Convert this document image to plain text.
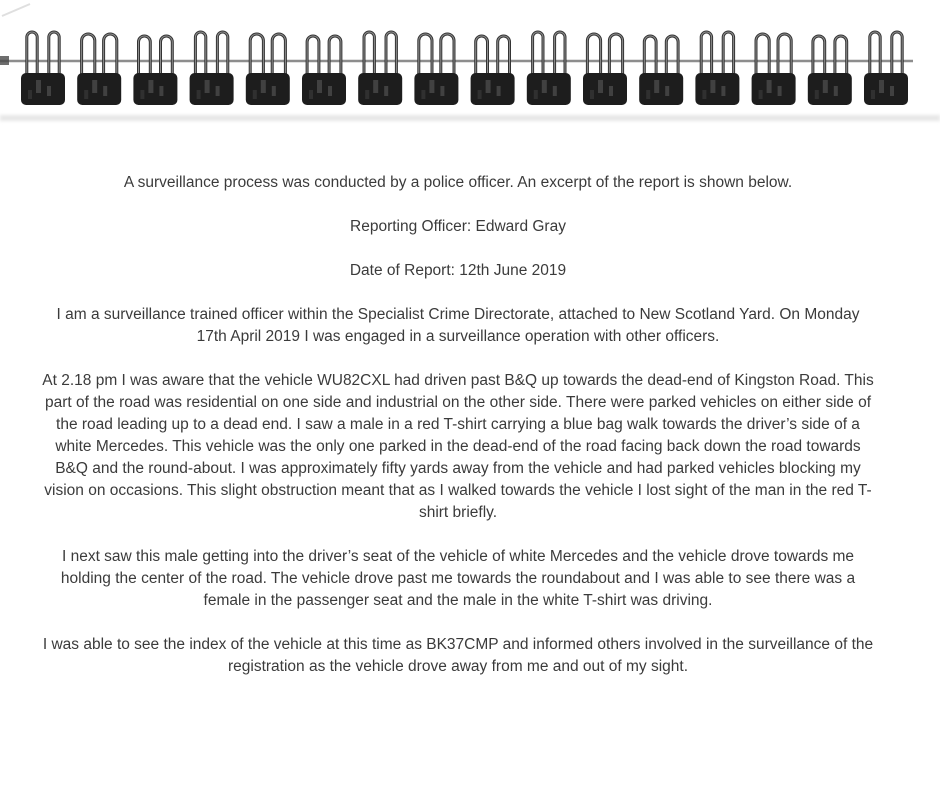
A surveillance process was conducted by a police officer. An excerpt of the report is shown below.

Reporting Officer: Edward Gray

Date of Report: 12th June 2019

I am a surveillance trained officer within the Specialist Crime Directorate, attached to New Scotland Yard. On Monday 17th April 2019 I was engaged in a surveillance operation with other officers.

At 2.18 pm I was aware that the vehicle WU82CXL had driven past B&Q up towards the dead-end of Kingston Road. This part of the road was residential on one side and industrial on the other side. There were parked vehicles on either side of the road leading up to a dead end. I saw a male in a red T-shirt carrying a blue bag walk towards the driver’s side of a white Mercedes. This vehicle was the only one parked in the dead-end of the road facing back down the road towards B&Q and the round-about. I was approximately fifty yards away from the vehicle and had parked vehicles blocking my vision on occasions. This slight obstruction meant that as I walked towards the vehicle I lost sight of the man in the red T-shirt briefly.

I next saw this male getting into the driver’s seat of the vehicle of white Mercedes and the vehicle drove towards me holding the center of the road. The vehicle drove past me towards the roundabout and I was able to see there was a female in the passenger seat and the male in the white T-shirt was driving.

I was able to see the index of the vehicle at this time as BK37CMP and informed others involved in the surveillance of the registration as the vehicle drove away from me and out of my sight.
